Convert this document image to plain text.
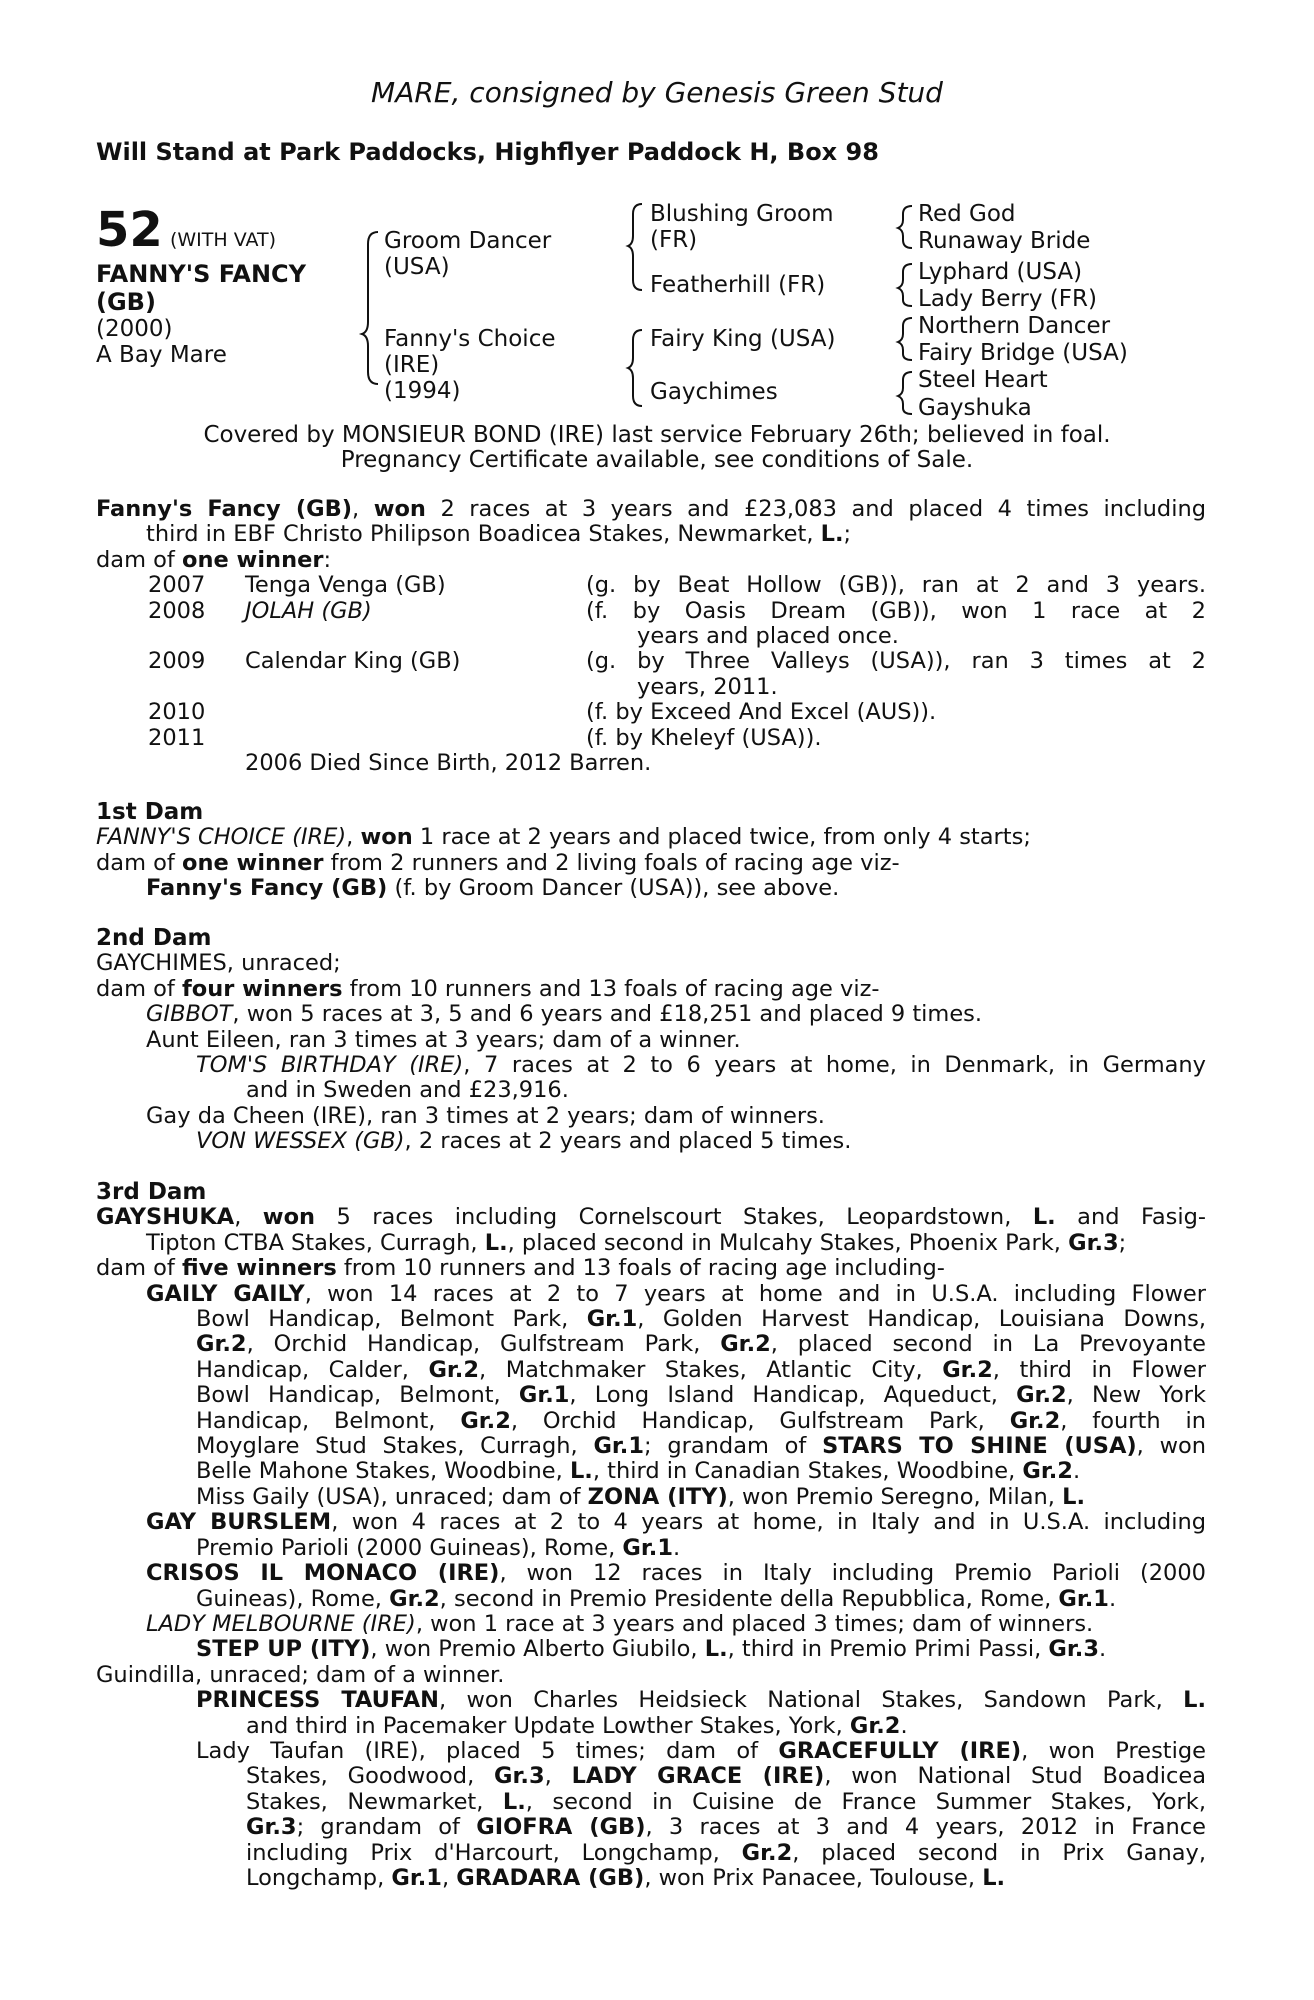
MARE, consigned by Genesis Green Stud
Will Stand at Park Paddocks, Highflyer Paddock H, Box 98
52 (WITH VAT)
FANNY'S FANCY
(GB)
(2000)
A Bay Mare
Groom Dancer
(USA)
Fanny's Choice
(IRE)
(1994)
Blushing Groom
(FR)
Featherhill (FR)
Fairy King (USA)
Gaychimes
Red God
Runaway Bride
Lyphard (USA)
Lady Berry (FR)
Northern Dancer
Fairy Bridge (USA)
Steel Heart
Gayshuka
Covered by MONSIEUR BOND (IRE) last service February 26th; believed in foal.
Pregnancy Certificate available, see conditions of Sale.
Fanny's Fancy (GB), won 2 races at 3 years and £23,083 and placed 4 times including
third in EBF Christo Philipson Boadicea Stakes, Newmarket, L.;
dam of one winner:
2007 Tenga Venga (GB)	(g. by Beat Hollow (GB)), ran at 2 and 3 years.
2008 JOLAH (GB)	(f. by Oasis Dream (GB)), won 1 race at 2
years and placed once.
2009 Calendar King (GB)	(g. by Three Valleys (USA)), ran 3 times at 2
years, 2011.
2010	(f. by Exceed And Excel (AUS)).
2011	(f. by Kheleyf (USA)).
2006 Died Since Birth, 2012 Barren.
1st Dam
FANNY'S CHOICE (IRE), won 1 race at 2 years and placed twice, from only 4 starts;
dam of one winner from 2 runners and 2 living foals of racing age viz-
Fanny's Fancy (GB) (f. by Groom Dancer (USA)), see above.
2nd Dam
GAYCHIMES, unraced;
dam of four winners from 10 runners and 13 foals of racing age viz-
GIBBOT, won 5 races at 3, 5 and 6 years and £18,251 and placed 9 times.
Aunt Eileen, ran 3 times at 3 years; dam of a winner.
TOM'S BIRTHDAY (IRE), 7 races at 2 to 6 years at home, in Denmark, in Germany
and in Sweden and £23,916.
Gay da Cheen (IRE), ran 3 times at 2 years; dam of winners.
VON WESSEX (GB), 2 races at 2 years and placed 5 times.
3rd Dam
GAYSHUKA, won 5 races including Cornelscourt Stakes, Leopardstown, L. and Fasig-
Tipton CTBA Stakes, Curragh, L., placed second in Mulcahy Stakes, Phoenix Park, Gr.3;
dam of five winners from 10 runners and 13 foals of racing age including-
GAILY GAILY, won 14 races at 2 to 7 years at home and in U.S.A. including Flower
Bowl Handicap, Belmont Park, Gr.1, Golden Harvest Handicap, Louisiana Downs,
Gr.2, Orchid Handicap, Gulfstream Park, Gr.2, placed second in La Prevoyante
Handicap, Calder, Gr.2, Matchmaker Stakes, Atlantic City, Gr.2, third in Flower
Bowl Handicap, Belmont, Gr.1, Long Island Handicap, Aqueduct, Gr.2, New York
Handicap, Belmont, Gr.2, Orchid Handicap, Gulfstream Park, Gr.2, fourth in
Moyglare Stud Stakes, Curragh, Gr.1; grandam of STARS TO SHINE (USA), won
Belle Mahone Stakes, Woodbine, L., third in Canadian Stakes, Woodbine, Gr.2.
Miss Gaily (USA), unraced; dam of ZONA (ITY), won Premio Seregno, Milan, L.
GAY BURSLEM, won 4 races at 2 to 4 years at home, in Italy and in U.S.A. including
Premio Parioli (2000 Guineas), Rome, Gr.1.
CRISOS IL MONACO (IRE), won 12 races in Italy including Premio Parioli (2000
Guineas), Rome, Gr.2, second in Premio Presidente della Repubblica, Rome, Gr.1.
LADY MELBOURNE (IRE), won 1 race at 3 years and placed 3 times; dam of winners.
STEP UP (ITY), won Premio Alberto Giubilo, L., third in Premio Primi Passi, Gr.3.
Guindilla, unraced; dam of a winner.
PRINCESS TAUFAN, won Charles Heidsieck National Stakes, Sandown Park, L.
and third in Pacemaker Update Lowther Stakes, York, Gr.2.
Lady Taufan (IRE), placed 5 times; dam of GRACEFULLY (IRE), won Prestige
Stakes, Goodwood, Gr.3, LADY GRACE (IRE), won National Stud Boadicea
Stakes, Newmarket, L., second in Cuisine de France Summer Stakes, York,
Gr.3; grandam of GIOFRA (GB), 3 races at 3 and 4 years, 2012 in France
including Prix d'Harcourt, Longchamp, Gr.2, placed second in Prix Ganay,
Longchamp, Gr.1, GRADARA (GB), won Prix Panacee, Toulouse, L.
